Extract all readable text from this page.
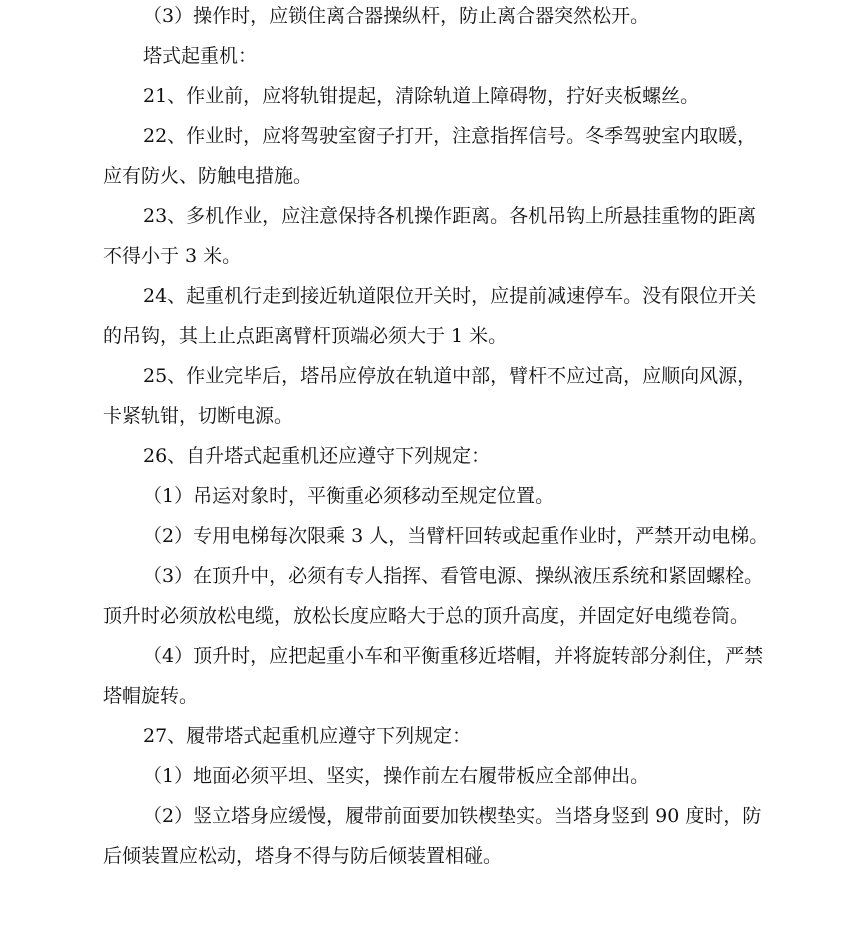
（3）操作时，应锁住离合器操纵杆，防止离合器突然松开。

塔式起重机：

21、作业前，应将轨钳提起，清除轨道上障碍物，拧好夹板螺丝。

22、作业时，应将驾驶室窗子打开，注意指挥信号。冬季驾驶室内取暖，应有防火、防触电措施。

23、多机作业，应注意保持各机操作距离。各机吊钩上所悬挂重物的距离不得小于 3 米。

24、起重机行走到接近轨道限位开关时，应提前减速停车。没有限位开关的吊钩，其上止点距离臂杆顶端必须大于 1 米。

25、作业完毕后，塔吊应停放在轨道中部，臂杆不应过高，应顺向风源，卡紧轨钳，切断电源。

26、自升塔式起重机还应遵守下列规定：

（1）吊运对象时，平衡重必须移动至规定位置。

（2）专用电梯每次限乘 3 人，当臂杆回转或起重作业时，严禁开动电梯。

（3）在顶升中，必须有专人指挥、看管电源、操纵液压系统和紧固螺栓。顶升时必须放松电缆，放松长度应略大于总的顶升高度，并固定好电缆卷筒。

（4）顶升时，应把起重小车和平衡重移近塔帽，并将旋转部分刹住，严禁塔帽旋转。

27、履带塔式起重机应遵守下列规定：

（1）地面必须平坦、坚实，操作前左右履带板应全部伸出。

（2）竖立塔身应缓慢，履带前面要加铁楔垫实。当塔身竖到 90 度时，防后倾装置应松动，塔身不得与防后倾装置相碰。
